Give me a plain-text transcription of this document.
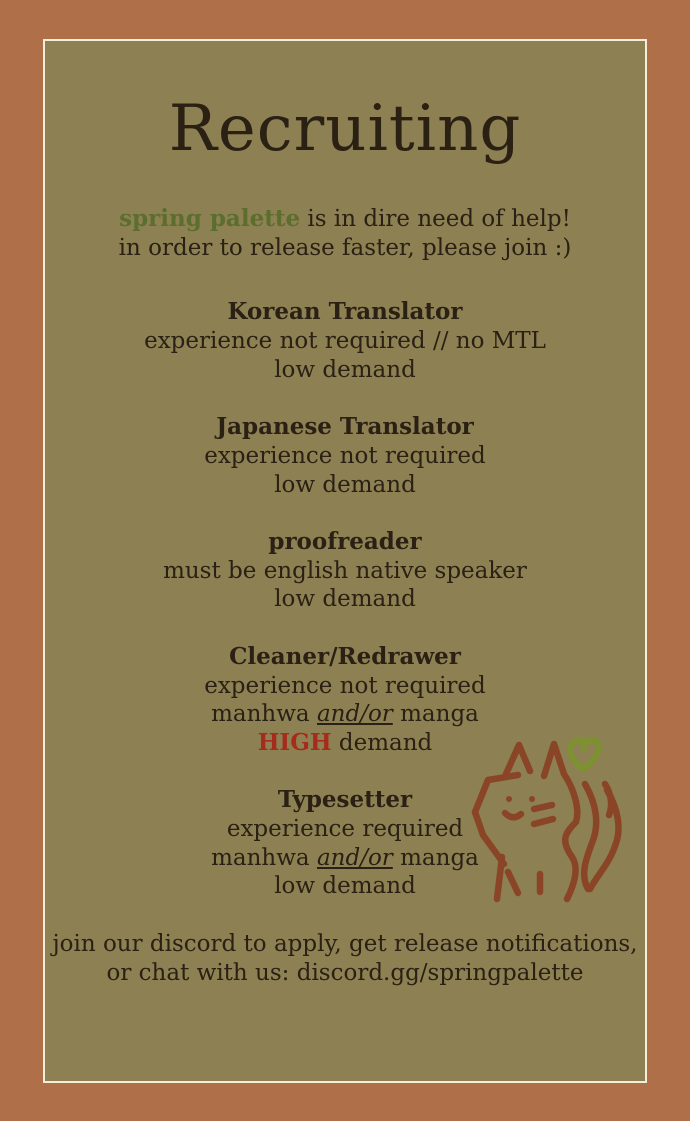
Recruiting
spring palette is in dire need of help!
in order to release faster, please join :)
Korean Translator

experience not required // no MTL

low demand

Japanese Translator

experience not required

low demand

proofreader

must be english native speaker

low demand

Cleaner/Redrawer

experience not required

manhwa and/or manga

HIGH demand

Typesetter

experience required

manhwa and/or manga

low demand

join our discord to apply, get release notifications,

or chat with us: discord.gg/springpalette
